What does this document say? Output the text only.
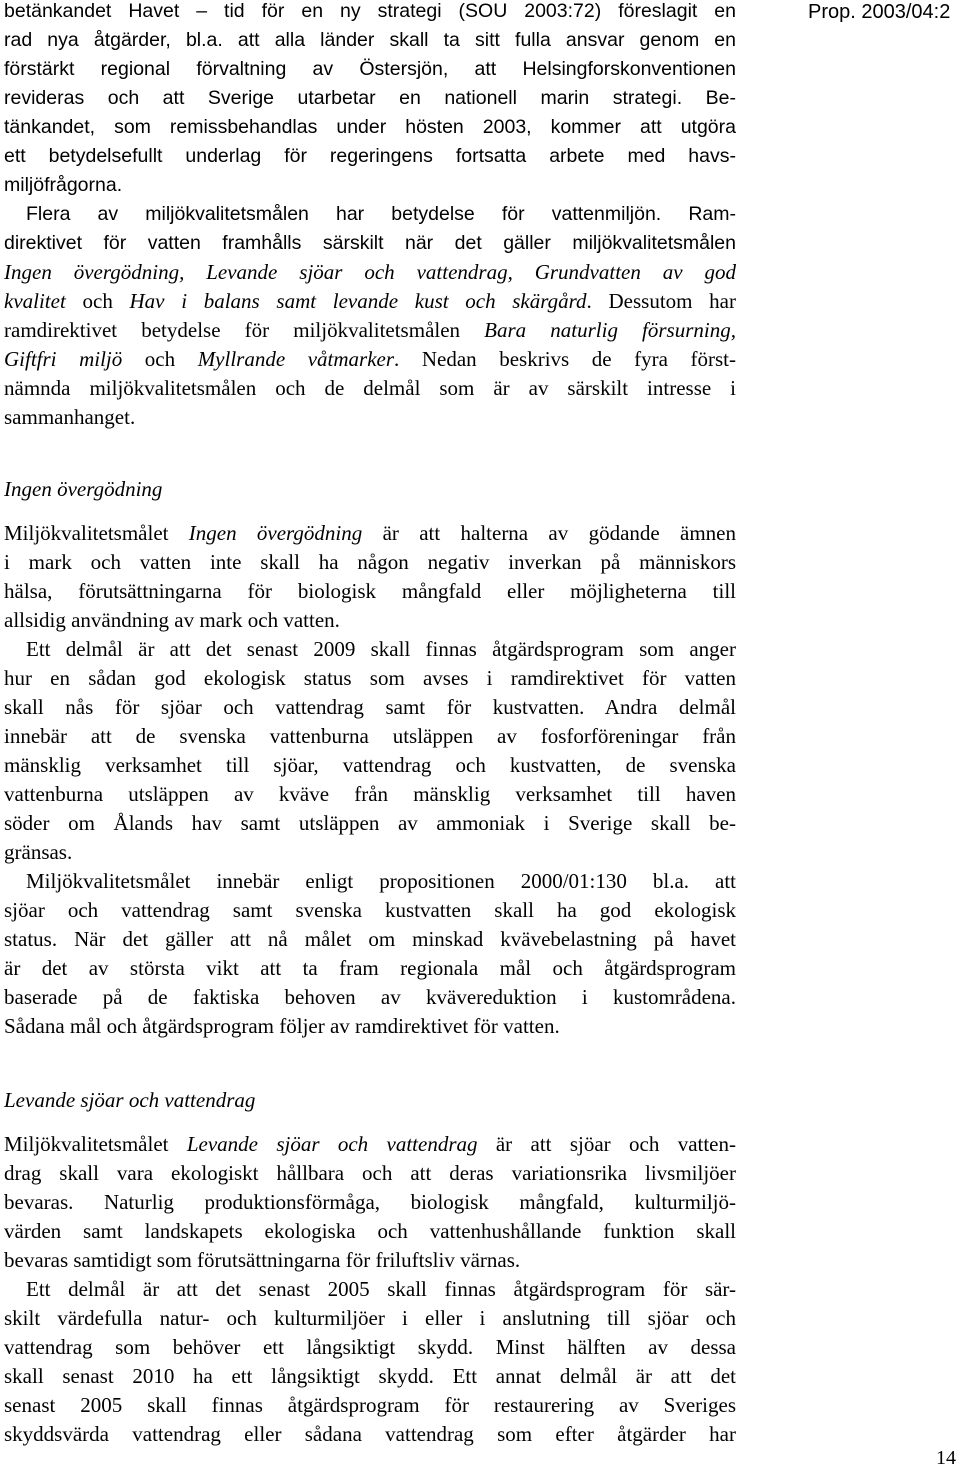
Prop. 2003/04:2
betänkandet Havet – tid för en ny strategi (SOU 2003:72) föreslagit en
rad nya åtgärder, bl.a. att alla länder skall ta sitt fulla ansvar genom en
förstärkt regional förvaltning av Östersjön, att Helsingforskonventionen
revideras och att Sverige utarbetar en nationell marin strategi. Be-
tänkandet, som remissbehandlas under hösten 2003, kommer att utgöra
ett betydelsefullt underlag för regeringens fortsatta arbete med havs-
miljöfrågorna.
Flera av miljökvalitetsmålen har betydelse för vattenmiljön. Ram-
direktivet för vatten framhålls särskilt när det gäller miljökvalitetsmålen
Ingen övergödning, Levande sjöar och vattendrag, Grundvatten av god
kvalitet och Hav i balans samt levande kust och skärgård. Dessutom har
ramdirektivet betydelse för miljökvalitetsmålen Bara naturlig försurning,
Giftfri miljö och Myllrande våtmarker. Nedan beskrivs de fyra först-
nämnda miljökvalitetsmålen och de delmål som är av särskilt intresse i
sammanhanget.
Ingen övergödning
Miljökvalitetsmålet Ingen övergödning är att halterna av gödande ämnen
i mark och vatten inte skall ha någon negativ inverkan på människors
hälsa, förutsättningarna för biologisk mångfald eller möjligheterna till
allsidig användning av mark och vatten.
Ett delmål är att det senast 2009 skall finnas åtgärdsprogram som anger
hur en sådan god ekologisk status som avses i ramdirektivet för vatten
skall nås för sjöar och vattendrag samt för kustvatten. Andra delmål
innebär att de svenska vattenburna utsläppen av fosforföreningar från
mänsklig verksamhet till sjöar, vattendrag och kustvatten, de svenska
vattenburna utsläppen av kväve från mänsklig verksamhet till haven
söder om Ålands hav samt utsläppen av ammoniak i Sverige skall be-
gränsas.
Miljökvalitetsmålet innebär enligt propositionen 2000/01:130 bl.a. att
sjöar och vattendrag samt svenska kustvatten skall ha god ekologisk
status. När det gäller att nå målet om minskad kvävebelastning på havet
är det av största vikt att ta fram regionala mål och åtgärdsprogram
baserade på de faktiska behoven av kvävereduktion i kustområdena.
Sådana mål och åtgärdsprogram följer av ramdirektivet för vatten.
Levande sjöar och vattendrag
Miljökvalitetsmålet Levande sjöar och vattendrag är att sjöar och vatten-
drag skall vara ekologiskt hållbara och att deras variationsrika livsmiljöer
bevaras. Naturlig produktionsförmåga, biologisk mångfald, kulturmiljö-
värden samt landskapets ekologiska och vattenhushållande funktion skall
bevaras samtidigt som förutsättningarna för friluftsliv värnas.
Ett delmål är att det senast 2005 skall finnas åtgärdsprogram för sär-
skilt värdefulla natur- och kulturmiljöer i eller i anslutning till sjöar och
vattendrag som behöver ett långsiktigt skydd. Minst hälften av dessa
skall senast 2010 ha ett långsiktigt skydd. Ett annat delmål är att det
senast 2005 skall finnas åtgärdsprogram för restaurering av Sveriges
skyddsvärda vattendrag eller sådana vattendrag som efter åtgärder har
14
